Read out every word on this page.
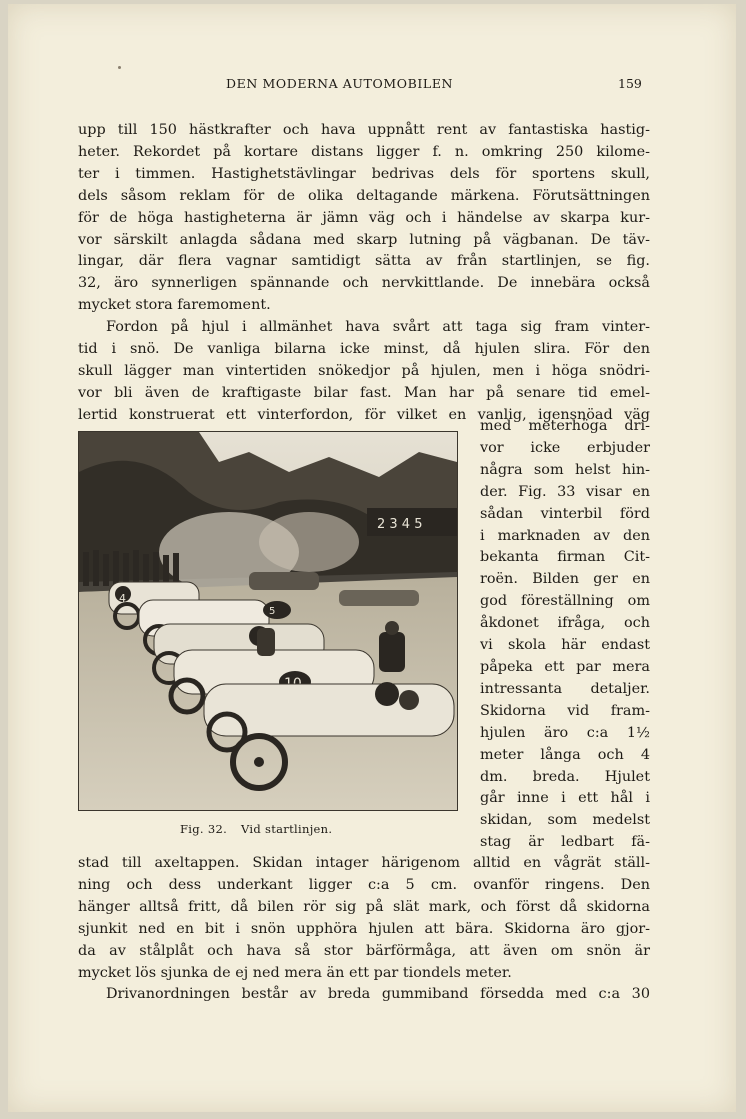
DEN MODERNA AUTOMOBILEN	159
upp till 150 hästkrafter och hava uppnått rent av fantastiska hastig-
heter. Rekordet på kortare distans ligger f. n. omkring 250 kilome-
ter i timmen. Hastighetstävlingar bedrivas dels för sportens skull,
dels såsom reklam för de olika deltagande märkena. Förutsättningen
för de höga hastigheterna är jämn väg och i händelse av skarpa kur-
vor särskilt anlagda sådana med skarp lutning på vägbanan. De täv-
lingar, där flera vagnar samtidigt sätta av från startlinjen, se fig.
32, äro synnerligen spännande och nervkittlande. De innebära också
mycket stora faremoment.
Fordon på hjul i allmänhet hava svårt att taga sig fram vinter-
tid i snö. De vanliga bilarna icke minst, då hjulen slira. För den
skull lägger man vintertiden snökedjor på hjulen, men i höga snödri-
vor bli även de kraftigaste bilar fast. Man har på senare tid emel-
lertid konstruerat ett vinterfordon, för vilket en vanlig, igensnöad väg
2 3 4 5
4
5
med meterhöga dri-
vor icke erbjuder
några som helst hin-
der. Fig. 33 visar en
sådan vinterbil förd
i marknaden av den
bekanta firman Cit-
roën. Bilden ger en
god föreställning om
åkdonet ifråga, och
vi skola här endast
påpeka ett par mera
intressanta detaljer.
Skidorna vid fram-
hjulen äro c:a 1½
meter långa och 4
dm. breda. Hjulet
går inne i ett hål i
skidan, som medelst
stag är ledbart fä-
Fig. 32. Vid startlinjen.
stad till axeltappen. Skidan intager härigenom alltid en vågrät ställ-
ning och dess underkant ligger c:a 5 cm. ovanför ringens. Den
hänger alltså fritt, då bilen rör sig på slät mark, och först då skidorna
sjunkit ned en bit i snön upphöra hjulen att bära. Skidorna äro gjor-
da av stålplåt och hava så stor bärförmåga, att även om snön är
mycket lös sjunka de ej ned mera än ett par tiondels meter.
Drivanordningen består av breda gummiband försedda med c:a 30
